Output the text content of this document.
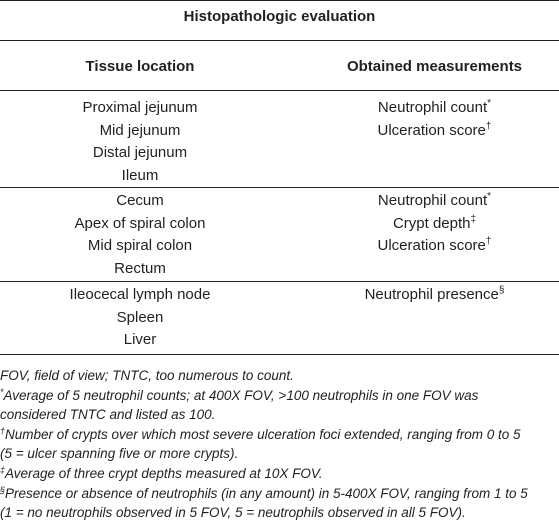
Histopathologic evaluation
Tissue location	Obtained measurements
Proximal jejunum
Mid jejunum
Distal jejunum
Ileum
Neutrophil count*
Ulceration score†
Cecum
Apex of spiral colon
Mid spiral colon
Rectum
Neutrophil count*
Crypt depth‡
Ulceration score†
Ileocecal lymph node
Spleen
Liver
Neutrophil presence§
FOV, field of view; TNTC, too numerous to count.
*Average of 5 neutrophil counts; at 400X FOV, >100 neutrophils in one FOV was
considered TNTC and listed as 100.
†Number of crypts over which most severe ulceration foci extended, ranging from 0 to 5
(5 = ulcer spanning five or more crypts).
‡Average of three crypt depths measured at 10X FOV.
§Presence or absence of neutrophils (in any amount) in 5-400X FOV, ranging from 1 to 5
(1 = no neutrophils observed in 5 FOV, 5 = neutrophils observed in all 5 FOV).
